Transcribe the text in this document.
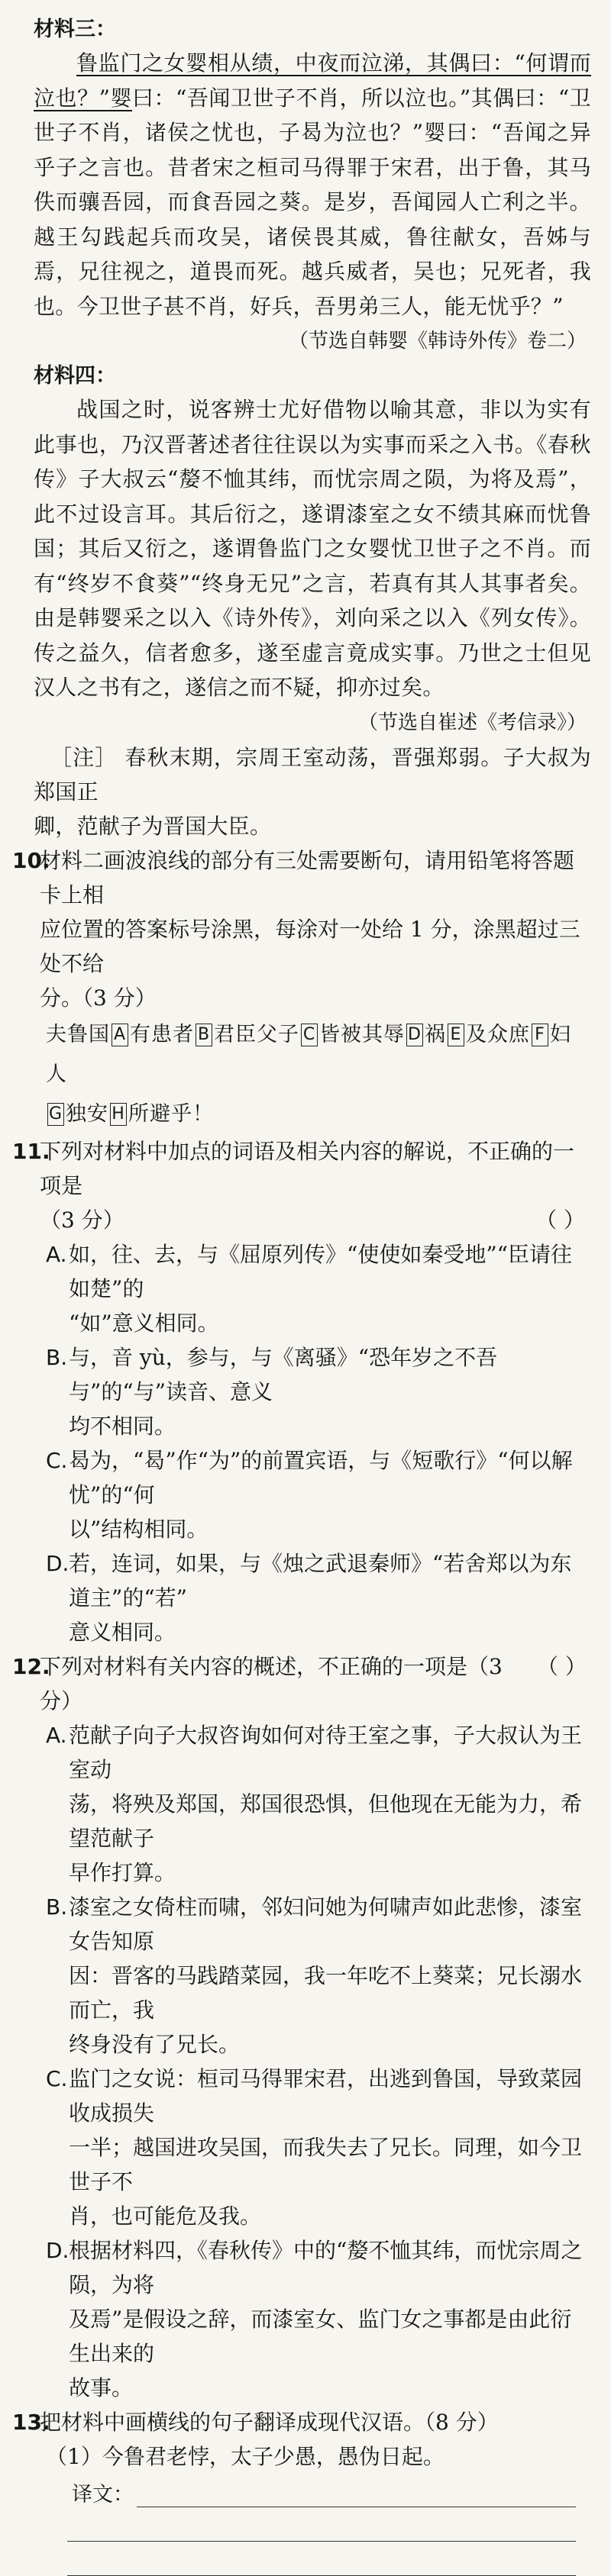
材料三：
鲁监门之女婴相从绩，中夜而泣涕，其偶曰：“何谓而泣也？”婴曰：“吾闻卫世子不肖，所以泣也。”其偶曰：“卫世子不肖，诸侯之忧也，子曷为泣也？”婴曰：“吾闻之异乎子之言也。昔者宋之桓司马得罪于宋君，出于鲁，其马佚而骧吾园，而食吾园之葵。是岁，吾闻园人亡利之半。越王勾践起兵而攻吴，诸侯畏其威，鲁往献女，吾姊与焉，兄往视之，道畏而死。越兵威者，吴也；兄死者，我也。今卫世子甚不肖，好兵，吾男弟三人，能无忧乎？”
（节选自韩婴《韩诗外传》卷二）
材料四：
战国之时，说客辨士尤好借物以喻其意，非以为实有此事也，乃汉晋著述者往往误以为实事而采之入书。《春秋传》子大叔云“嫠不恤其纬，而忧宗周之陨，为将及焉”，此不过设言耳。其后衍之，遂谓漆室之女不绩其麻而忧鲁国；其后又衍之，遂谓鲁监门之女婴忧卫世子之不肖。而有“终岁不食葵”“终身无兄”之言，若真有其人其事者矣。由是韩婴采之以入《诗外传》，刘向采之以入《列女传》。传之益久，信者愈多，遂至虚言竟成实事。乃世之士但见汉人之书有之，遂信之而不疑，抑亦过矣。
（节选自崔述《考信录》）
［注］ 春秋末期，宗周王室动荡，晋强郑弱。子大叔为郑国正
卿，范献子为晋国大臣。
10.
材料二画波浪线的部分有三处需要断句，请用铅笔将答题卡上相
应位置的答案标号涂黑，每涂对一处给 1 分，涂黑超过三处不给
分。（3 分）
夫鲁国 A 有患者 B 君臣父子 C 皆被其辱 D 祸 E 及众庶 F 妇人
G 独安 H 所避乎！
11.
下列对材料中加点的词语及相关内容的解说，不正确的一项是

（3 分）	（ ）
A. 如，往、去，与《屈原列传》“使使如秦受地”“臣请往如楚”的
“如”意义相同。
B. 与，音 yù，参与，与《离骚》“恐年岁之不吾与”的“与”读音、意义
均不相同。
C. 曷为，“曷”作“为”的前置宾语，与《短歌行》“何以解忧”的“何
以”结构相同。
D. 若，连词，如果，与《烛之武退秦师》“若舍郑以为东道主”的“若”
意义相同。
12.
下列对材料有关内容的概述，不正确的一项是（3 分）
（ ）
A. 范献子向子大叔咨询如何对待王室之事，子大叔认为王室动
荡，将殃及郑国，郑国很恐惧，但他现在无能为力，希望范献子
早作打算。
B. 漆室之女倚柱而啸，邻妇问她为何啸声如此悲惨，漆室女告知原
因：晋客的马践踏菜园，我一年吃不上葵菜；兄长溺水而亡，我
终身没有了兄长。
C. 监门之女说：桓司马得罪宋君，出逃到鲁国，导致菜园收成损失
一半；越国进攻吴国，而我失去了兄长。同理，如今卫世子不
肖，也可能危及我。
D. 根据材料四，《春秋传》中的“嫠不恤其纬，而忧宗周之陨，为将
及焉”是假设之辞，而漆室女、监门女之事都是由此衍生出来的
故事。
13.
把材料中画横线的句子翻译成现代汉语。（8 分）
（1）今鲁君老悖，太子少愚，愚伪日起。
译文：
